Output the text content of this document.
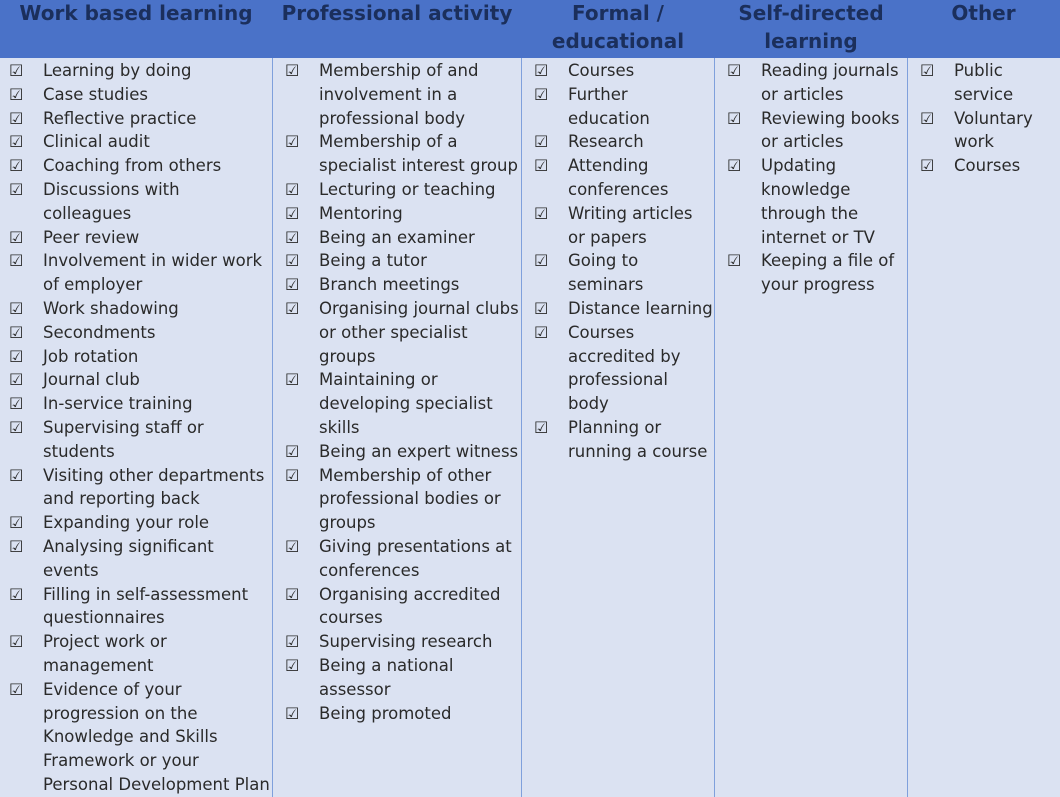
Work based learning	Professional activity	Formal /
educational
Self-directed
learning
Other
☑ Learning by doing
☑ Case studies
☑ Reflective practice
☑ Clinical audit
☑ Coaching from others
☑ Discussions with colleagues
☑ Peer review
☑ Involvement in wider work
of employer
☑ Work shadowing
☑ Secondments
☑ Job rotation
☑ Journal club
☑ In-service training
☑ Supervising staff or
students
☑ Visiting other departments
and reporting back
☑ Expanding your role
☑ Analysing significant events
☑ Filling in self-assessment
questionnaires
☑ Project work or
management
☑ Evidence of your
progression on the
Knowledge and Skills
Framework or your
Personal Development Plan
☑ Membership of and
involvement in a
professional body
☑ Membership of a
specialist interest group
☑ Lecturing or teaching
☑ Mentoring
☑ Being an examiner
☑ Being a tutor
☑ Branch meetings
☑ Organising journal clubs
or other specialist
groups
☑ Maintaining or
developing specialist
skills
☑ Being an expert witness
☑ Membership of other
professional bodies or
groups
☑ Giving presentations at
conferences
☑ Organising accredited
courses
☑ Supervising research
☑ Being a national
assessor
☑ Being promoted
☑ Courses
☑ Further
education
☑ Research
☑ Attending
conferences
☑ Writing articles
or papers
☑ Going to
seminars
☑ Distance learning
☑ Courses
accredited by
professional
body
☑ Planning or
running a course
☑ Reading journals
or articles
☑ Reviewing books
or articles
☑ Updating
knowledge
through the
internet or TV
☑ Keeping a file of
your progress
☑ Public
service
☑ Voluntary
work
☑ Courses
